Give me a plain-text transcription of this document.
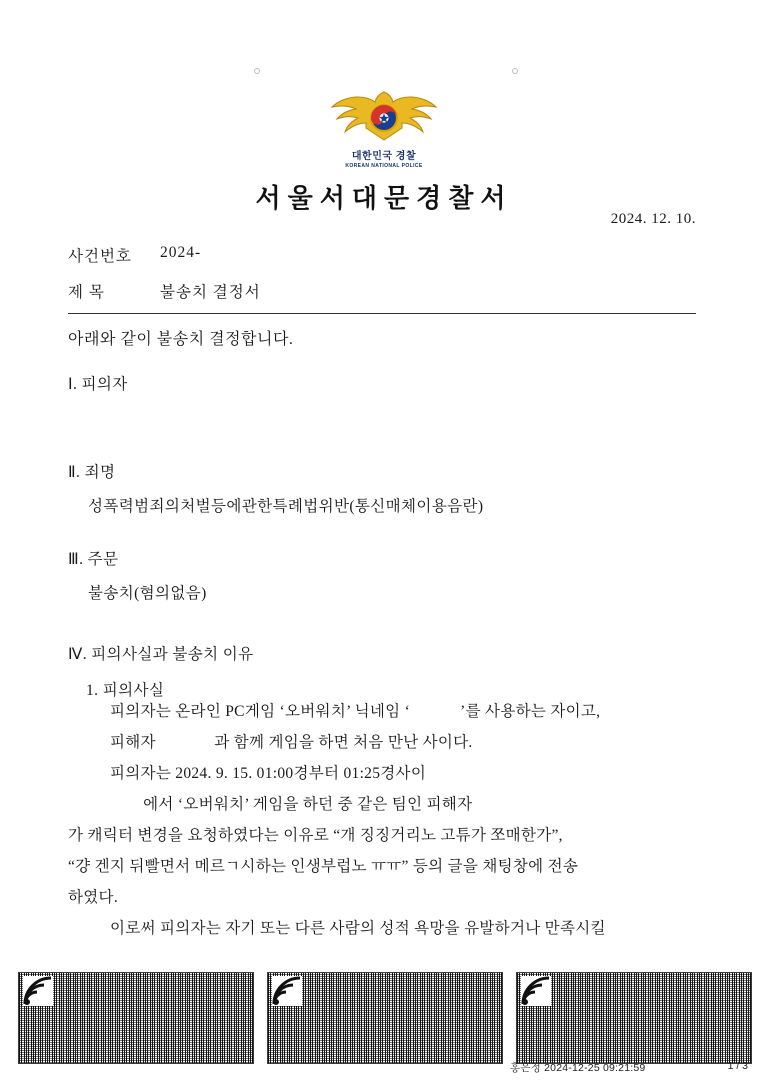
대한민국 경찰
KOREAN NATIONAL POLICE
서울서대문경찰서
2024. 12. 10.
사건번호	2024-
제 목	불송치 결정서
아래와 같이 불송치 결정합니다.
Ⅰ. 피의자
Ⅱ. 죄명
성폭력범죄의처벌등에관한특례법위반(통신매체이용음란)
Ⅲ. 주문
불송치(혐의없음)
Ⅳ. 피의사실과 불송치 이유
1. 피의사실
피의자는 온라인 PC게임 ‘오버워치’ 닉네임 ‘            ’를 사용하는 자이고,
피해자              과 함께 게임을 하면 처음 만난 사이다.
피의자는 2024. 9. 15. 01:00경부터 01:25경사이
에서 ‘오버워치’ 게임을 하던 중 같은 팀인 피해자
가 캐릭터 변경을 요청하였다는 이유로 “개 징징거리노 고튜가 쪼매한가”,
“걍 겐지 뒤빨면서 메르ㄱ시하는 인생부럽노 ㅠㅠ” 등의 글을 채팅창에 전송
하였다.
이로써 피의자는 자기 또는 다른 사람의 성적 욕망을 유발하거나 만족시킬
홍은정 2024-12-25 09:21:59	1 / 3
